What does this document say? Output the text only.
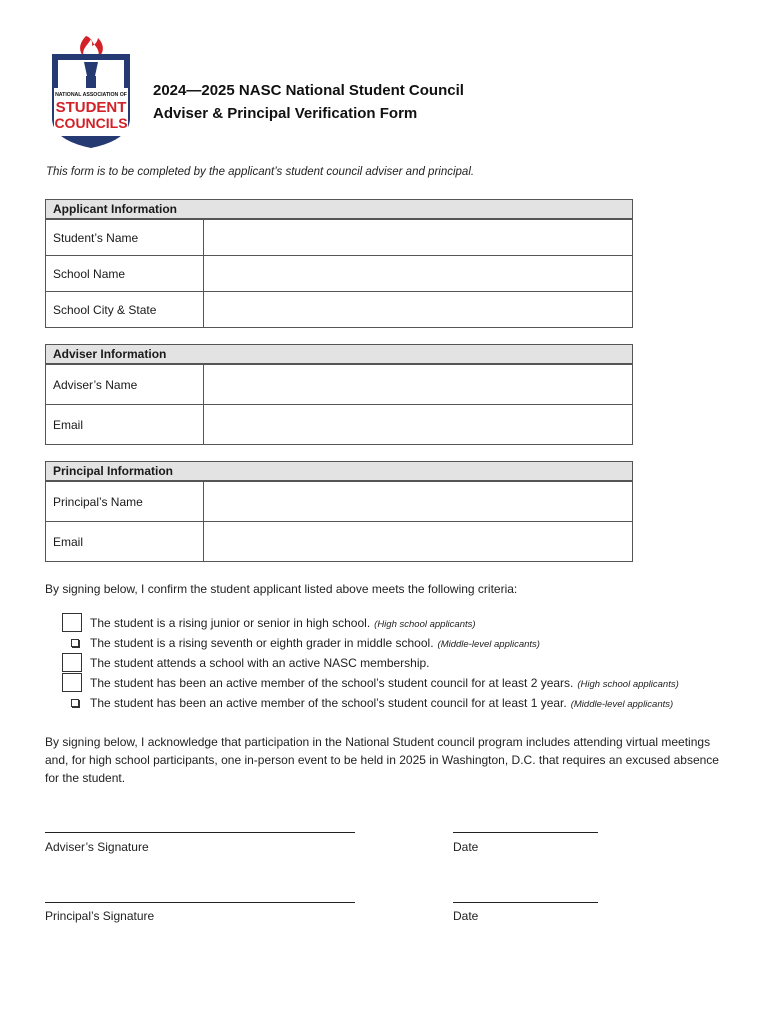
NATIONAL ASSOCIATION OF
STUDENT
COUNCILS
2024—2025 NASC National Student Council
Adviser & Principal Verification Form
This form is to be completed by the applicant’s student council adviser and principal.
Applicant Information
Student’s Name
School Name
School City & State
Adviser Information
Adviser’s Name
Email
Principal Information
Principal’s Name
Email
By signing below, I confirm the student applicant listed above meets the following criteria:
The student is a rising junior or senior in high school. (High school applicants)
The student is a rising seventh or eighth grader in middle school. (Middle-level applicants)
The student attends a school with an active NASC membership.
The student has been an active member of the school’s student council for at least 2 years. (High school applicants)
The student has been an active member of the school’s student council for at least 1 year. (Middle-level applicants)
By signing below, I acknowledge that participation in the National Student council program includes attending virtual meetings and, for high school participants, one in-person event to be held in 2025 in Washington, D.C. that requires an excused absence for the student.
Adviser’s Signature	Date
Principal’s Signature	Date
